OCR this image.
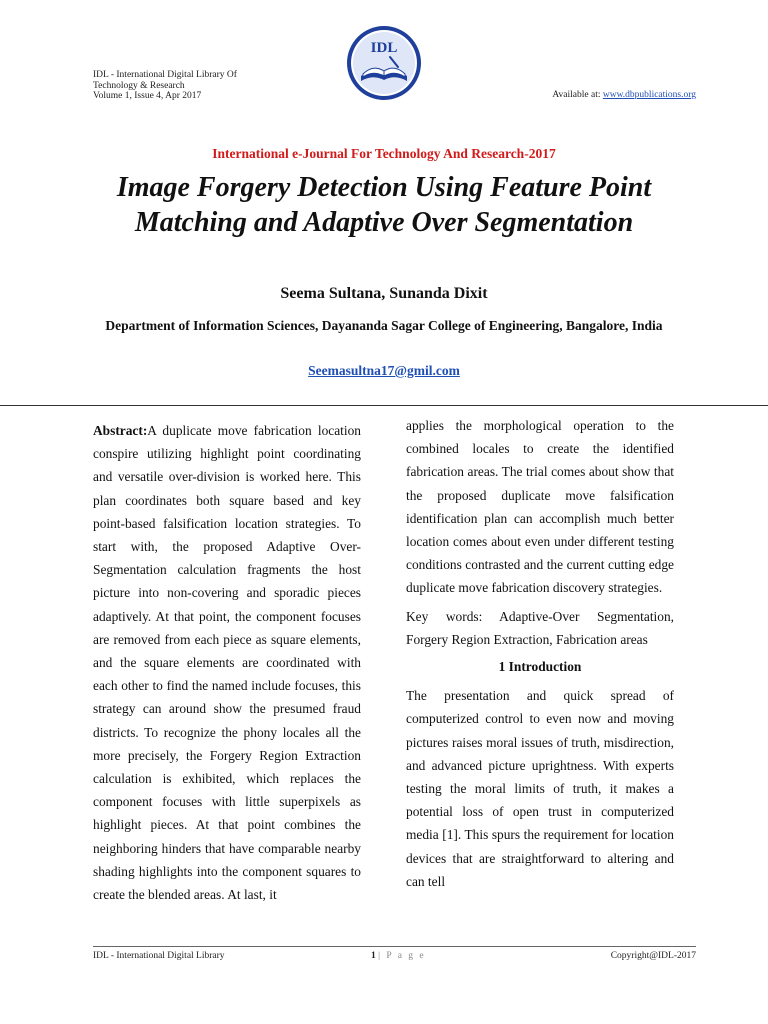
IDL - International Digital Library Of
Technology & Research
Volume 1, Issue 4, Apr 2017
IDL
Available at: www.dbpublications.org
International e-Journal For Technology And Research-2017
Image Forgery Detection Using Feature Point Matching and Adaptive Over Segmentation
Seema Sultana, Sunanda Dixit
Department of Information Sciences, Dayananda Sagar College of Engineering, Bangalore, India
Seemasultna17@gmil.com

Abstract:A duplicate move fabrication location conspire utilizing highlight point coordinating and versatile over-division is worked here. This plan coordinates both square based and key point-based falsification location strategies. To start with, the proposed Adaptive Over-Segmentation calculation fragments the host picture into non-covering and sporadic pieces adaptively. At that point, the component focuses are removed from each piece as square elements, and the square elements are coordinated with each other to find the named include focuses, this strategy can around show the presumed fraud districts. To recognize the phony locales all the more precisely, the Forgery Region Extraction calculation is exhibited, which replaces the component focuses with little superpixels as highlight pieces. At that point combines the neighboring hinders that have comparable nearby shading highlights into the component squares to create the blended areas. At last, it

applies the morphological operation to the combined locales to create the identified fabrication areas. The trial comes about show that the proposed duplicate move falsification identification plan can accomplish much better location comes about even under different testing conditions contrasted and the current cutting edge duplicate move fabrication discovery strategies.

Key words: Adaptive-Over Segmentation, Forgery Region Extraction, Fabrication areas

1 Introduction

The presentation and quick spread of computerized control to even now and moving pictures raises moral issues of truth, misdirection, and advanced picture uprightness. With experts testing the moral limits of truth, it makes a potential loss of open trust in computerized media [1]. This spurs the requirement for location devices that are straightforward to altering and can tell

IDL - International Digital Library	1 | P a g e	Copyright@IDL-2017
